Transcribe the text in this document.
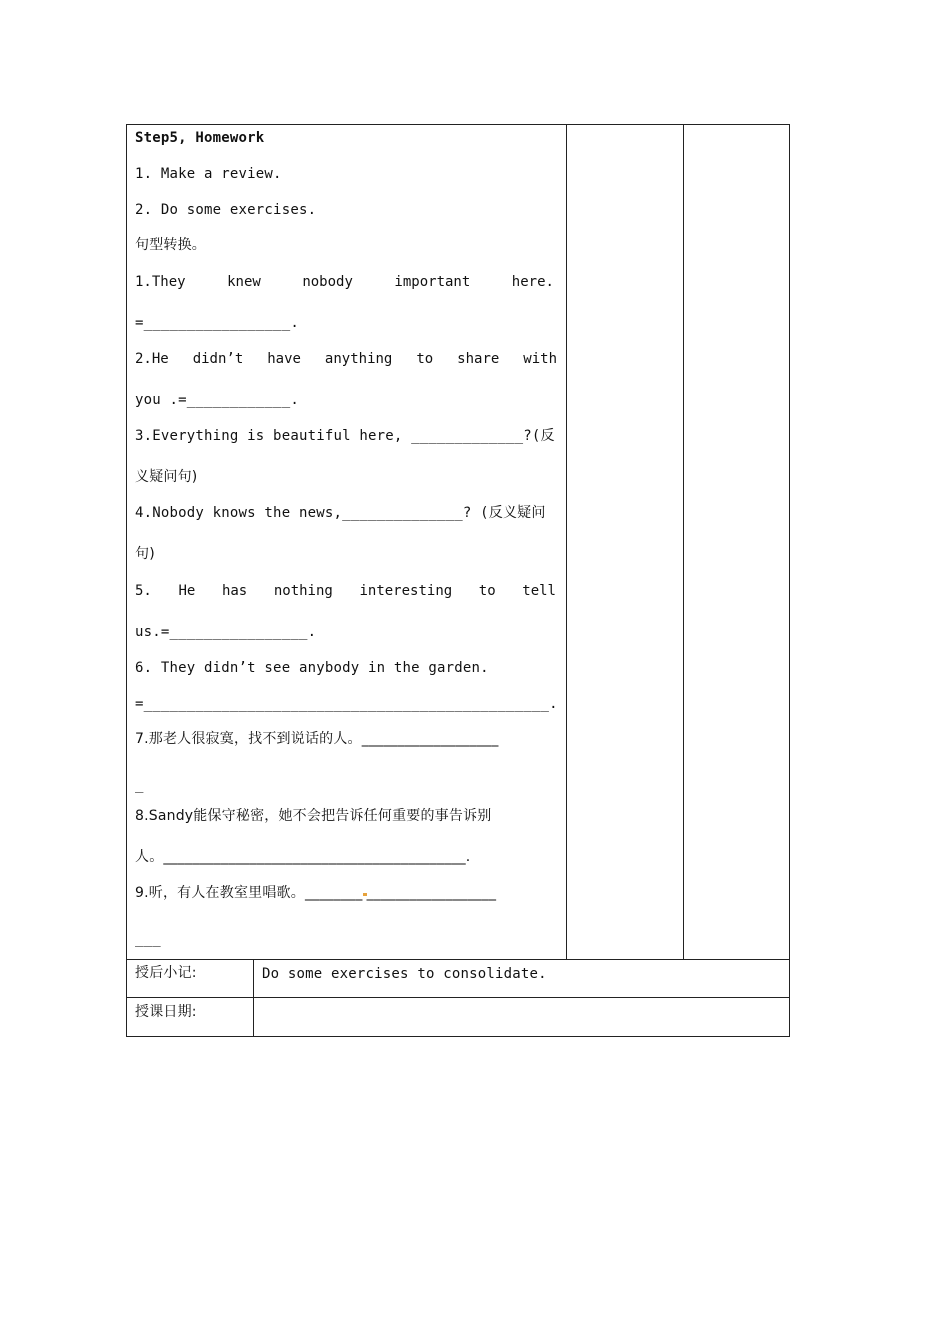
Step5, Homework
1. Make a review.
2. Do some exercises.
句型转换。
1.They	knew	nobody	important	here.
=_________________.
2.He didn’t have anything to share with
you .=____________.
3.Everything is beautiful here, _____________?(反
义疑问句)
4.Nobody knows the news,______________? (反义疑问
句)
5. He has nothing interesting to tell
us.=________________.
6. They didn’t see anybody in the garden.
=_______________________________________________.
7.那老人很寂寞，找不到说话的人。___________________
_
8.Sandy能保守秘密，她不会把告诉任何重要的事告诉别
人。__________________________________________.
9.听，有人在教室里唱歌。________ __________________
___
授后小记:	Do some exercises to consolidate.
授课日期:
